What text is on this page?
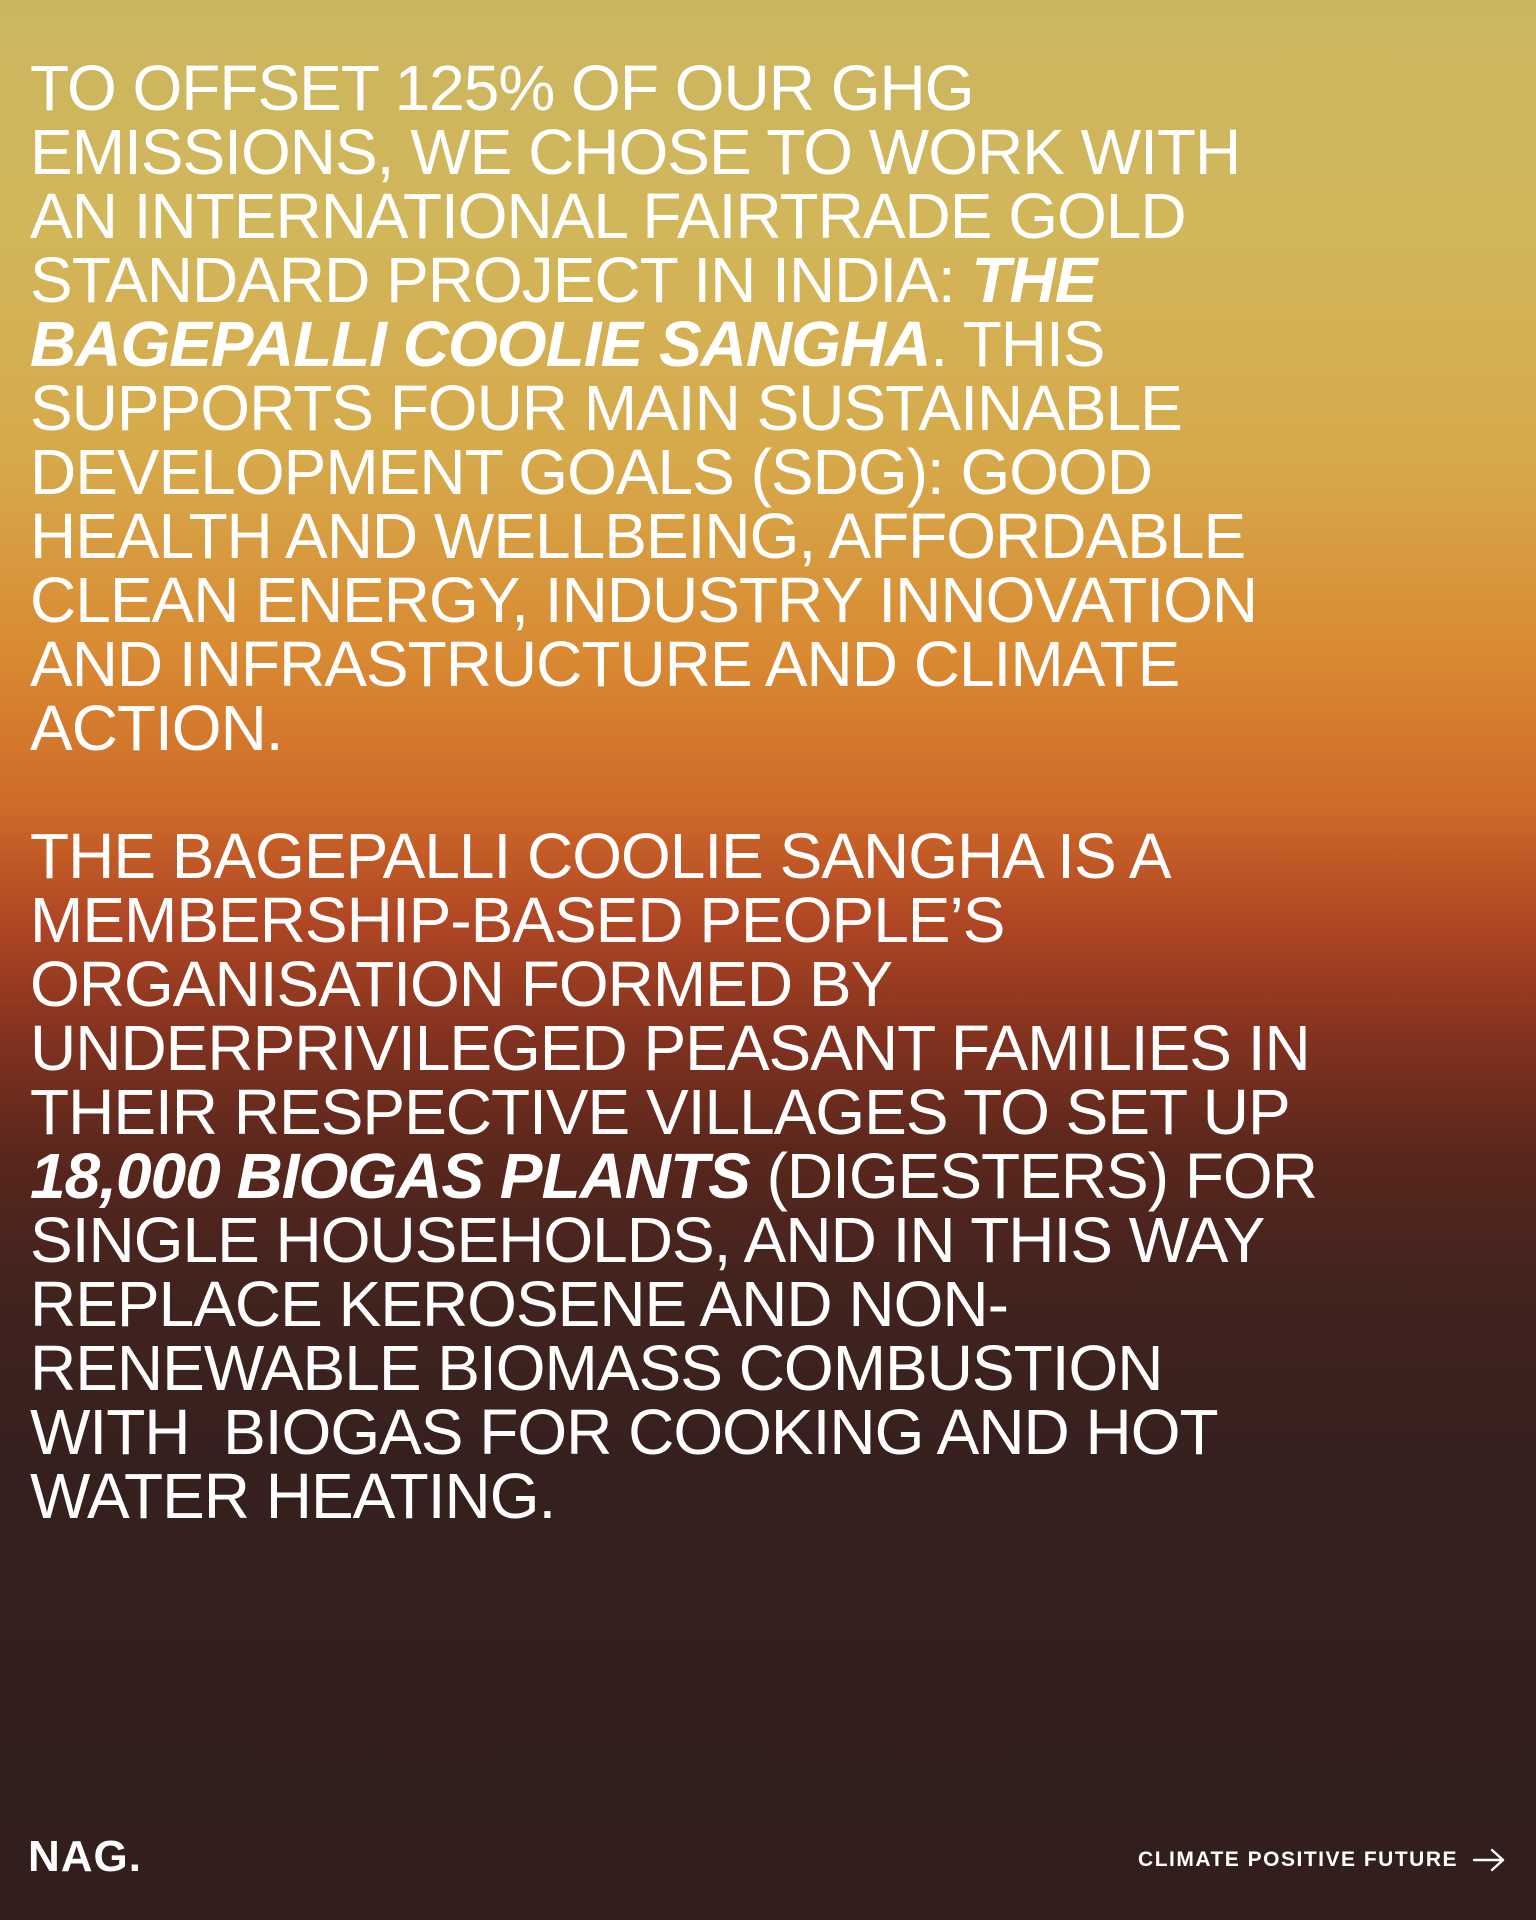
TO OFFSET 125% OF OUR GHG
EMISSIONS, WE CHOSE TO WORK WITH
AN INTERNATIONAL FAIRTRADE GOLD
STANDARD PROJECT IN INDIA: THE
BAGEPALLI COOLIE SANGHA. THIS
SUPPORTS FOUR MAIN SUSTAINABLE
DEVELOPMENT GOALS (SDG): GOOD
HEALTH AND WELLBEING, AFFORDABLE
CLEAN ENERGY, INDUSTRY INNOVATION
AND INFRASTRUCTURE AND CLIMATE
ACTION.

THE BAGEPALLI COOLIE SANGHA IS A
MEMBERSHIP-BASED PEOPLE’S
ORGANISATION FORMED BY
UNDERPRIVILEGED PEASANT FAMILIES IN
THEIR RESPECTIVE VILLAGES TO SET UP
18,000 BIOGAS PLANTS (DIGESTERS) FOR
SINGLE HOUSEHOLDS, AND IN THIS WAY
REPLACE KEROSENE AND NON-
RENEWABLE BIOMASS COMBUSTION
WITH  BIOGAS FOR COOKING AND HOT
WATER HEATING.

NAG.	CLIMATE POSITIVE FUTURE
